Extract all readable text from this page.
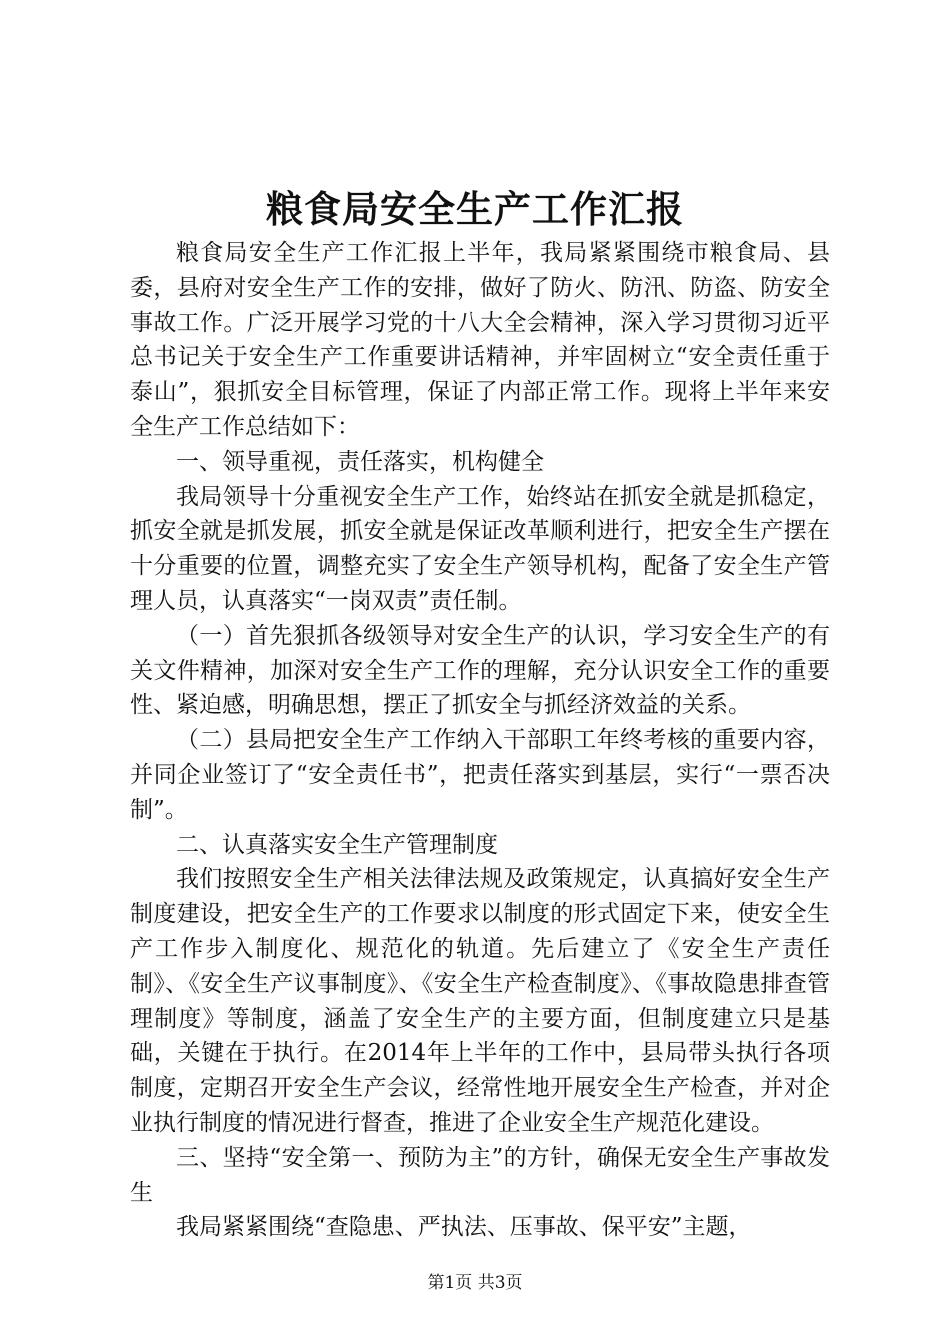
粮食局安全生产工作汇报

粮食局安全生产工作汇报上半年，我局紧紧围绕市粮食局、县委，县府对安全生产工作的安排，做好了防火、防汛、防盗、防安全事故工作。广泛开展学习党的十八大全会精神，深入学习贯彻习近平总书记关于安全生产工作重要讲话精神，并牢固树立“安全责任重于泰山”，狠抓安全目标管理，保证了内部正常工作。现将上半年来安全生产工作总结如下：

一、领导重视，责任落实，机构健全

我局领导十分重视安全生产工作，始终站在抓安全就是抓稳定，抓安全就是抓发展，抓安全就是保证改革顺利进行，把安全生产摆在十分重要的位置，调整充实了安全生产领导机构，配备了安全生产管理人员，认真落实“一岗双责”责任制。

（一）首先狠抓各级领导对安全生产的认识，学习安全生产的有关文件精神，加深对安全生产工作的理解，充分认识安全工作的重要性、紧迫感，明确思想，摆正了抓安全与抓经济效益的关系。

（二）县局把安全生产工作纳入干部职工年终考核的重要内容，并同企业签订了“安全责任书”，把责任落实到基层，实行“一票否决制”。

二、认真落实安全生产管理制度

我们按照安全生产相关法律法规及政策规定，认真搞好安全生产制度建设，把安全生产的工作要求以制度的形式固定下来，使安全生产工作步入制度化、规范化的轨道。先后建立了《安全生产责任制》、《安全生产议事制度》、《安全生产检查制度》、《事故隐患排查管理制度》等制度，涵盖了安全生产的主要方面，但制度建立只是基础，关键在于执行。在2014年上半年的工作中，县局带头执行各项制度，定期召开安全生产会议，经常性地开展安全生产检查，并对企业执行制度的情况进行督查，推进了企业安全生产规范化建设。

三、坚持“安全第一、预防为主”的方针，确保无安全生产事故发生

我局紧紧围绕“查隐患、严执法、压事故、保平安”主题，

第1页 共3页
